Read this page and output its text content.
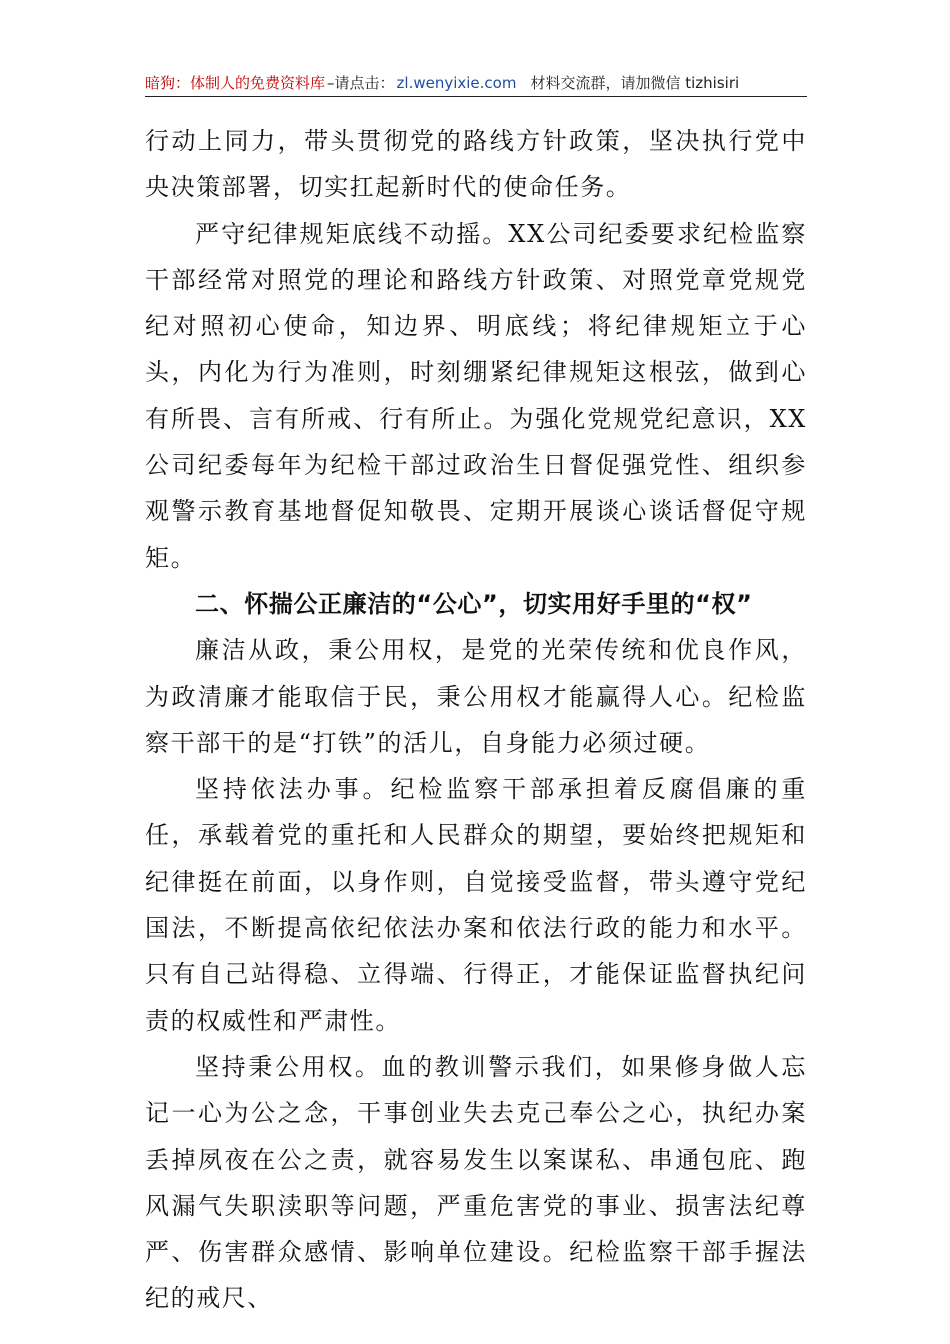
暗狗：体制人的免费资料库 – 请点击： zl.wenyixie.com 材料交流群，请加微信 tizhisiri

行动上同力，带头贯彻党的路线方针政策，坚决执行党中央决策部署，切实扛起新时代的使命任务。

严守纪律规矩底线不动摇。XX公司纪委要求纪检监察干部经常对照党的理论和路线方针政策、对照党章党规党纪对照初心使命，知边界、明底线；将纪律规矩立于心头，内化为行为准则，时刻绷紧纪律规矩这根弦，做到心有所畏、言有所戒、行有所止。为强化党规党纪意识，XX公司纪委每年为纪检干部过政治生日督促强党性、组织参观警示教育基地督促知敬畏、定期开展谈心谈话督促守规矩。

二、怀揣公正廉洁的“公心”，切实用好手里的“权”

廉洁从政，秉公用权，是党的光荣传统和优良作风，为政清廉才能取信于民，秉公用权才能赢得人心。纪检监察干部干的是“打铁”的活儿，自身能力必须过硬。

坚持依法办事。纪检监察干部承担着反腐倡廉的重任，承载着党的重托和人民群众的期望，要始终把规矩和纪律挺在前面，以身作则，自觉接受监督，带头遵守党纪国法，不断提高依纪依法办案和依法行政的能力和水平。只有自己站得稳、立得端、行得正，才能保证监督执纪问责的权威性和严肃性。

坚持秉公用权。血的教训警示我们，如果修身做人忘记一心为公之念，干事创业失去克己奉公之心，执纪办案丢掉夙夜在公之责，就容易发生以案谋私、串通包庇、跑风漏气失职渎职等问题，严重危害党的事业、损害法纪尊严、伤害群众感情、影响单位建设。纪检监察干部手握法纪的戒尺、
